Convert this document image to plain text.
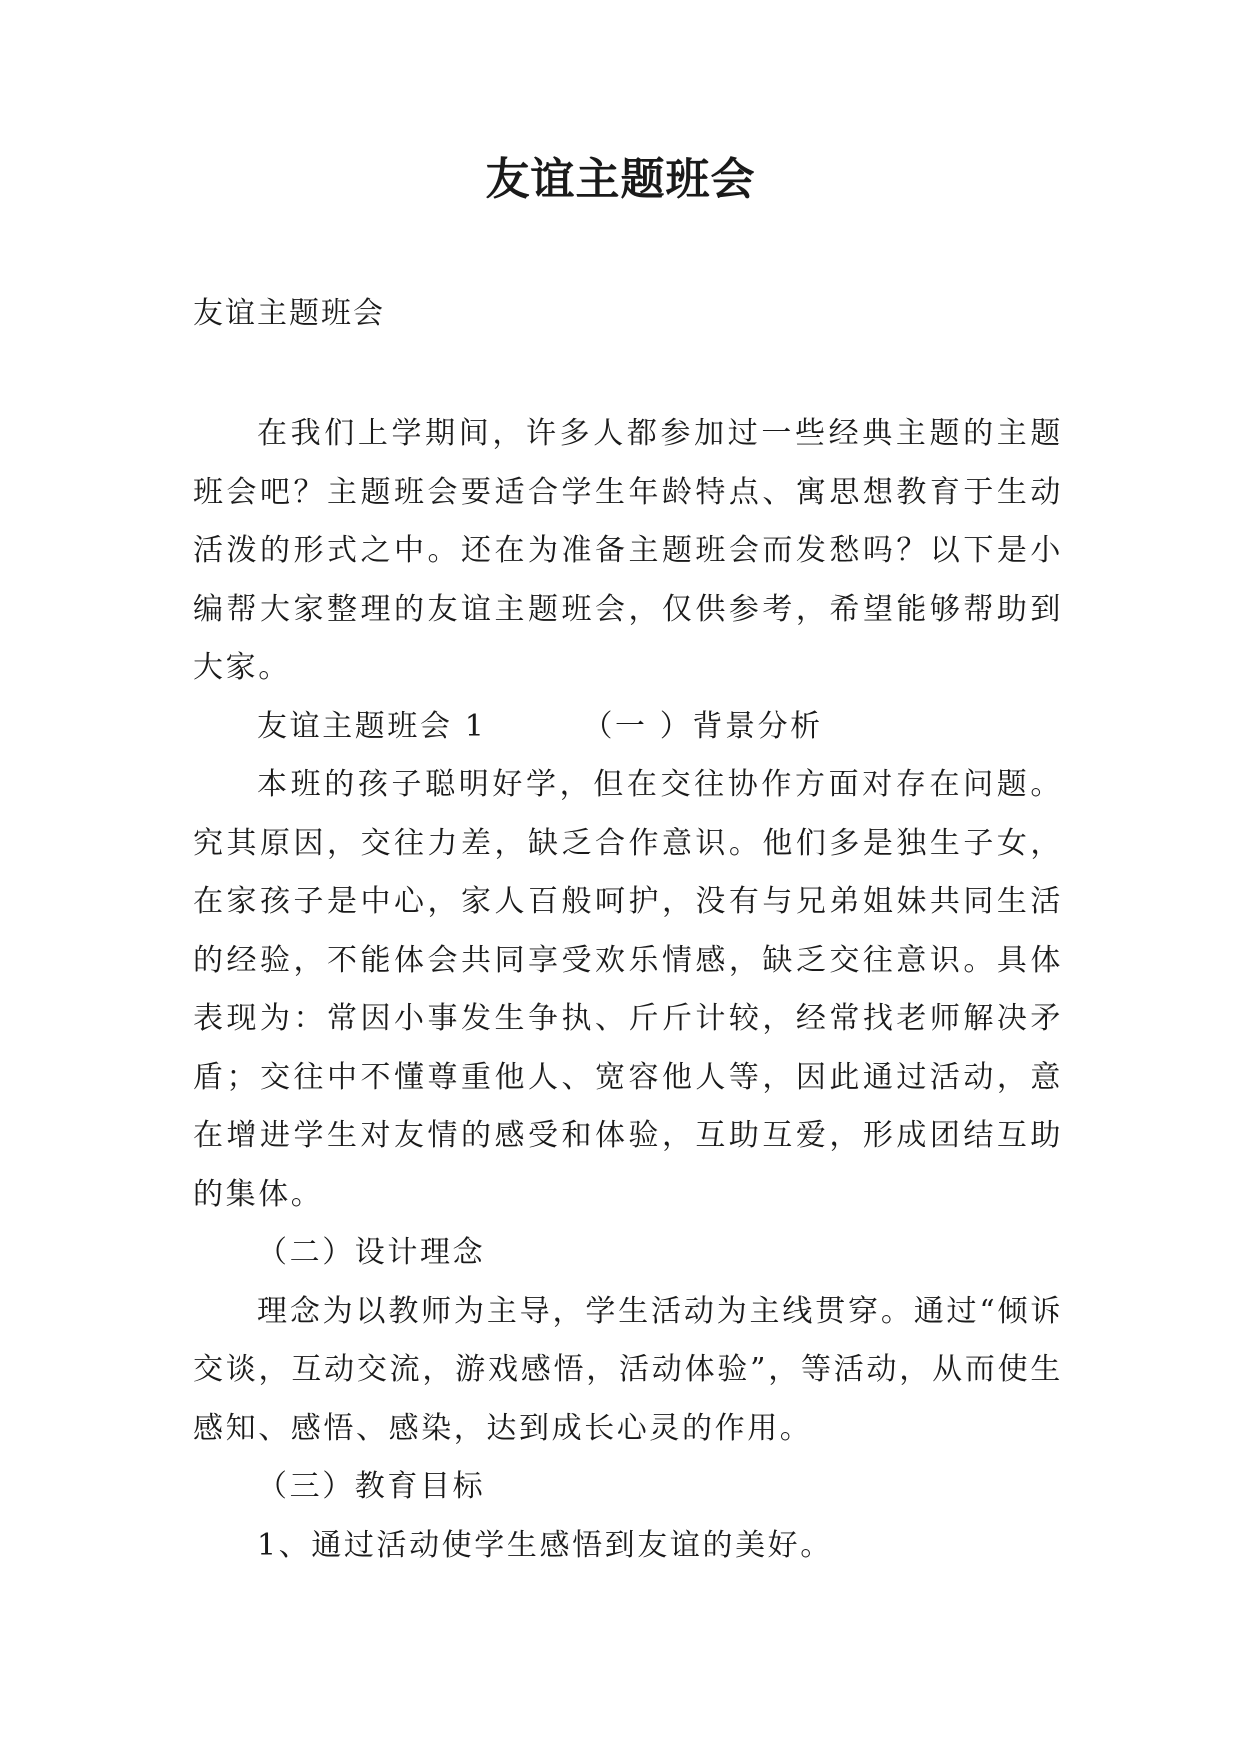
友谊主题班会
友谊主题班会

在我们上学期间，许多人都参加过一些经典主题的主题班会吧？主题班会要适合学生年龄特点、寓思想教育于生动活泼的形式之中。还在为准备主题班会而发愁吗？以下是小编帮大家整理的友谊主题班会，仅供参考，希望能够帮助到大家。

友谊主题班会 1	（一 ）背景分析

本班的孩子聪明好学，但在交往协作方面对存在问题。究其原因，交往力差，缺乏合作意识。他们多是独生子女，在家孩子是中心，家人百般呵护，没有与兄弟姐妹共同生活的经验，不能体会共同享受欢乐情感，缺乏交往意识。具体表现为：常因小事发生争执、斤斤计较，经常找老师解决矛盾；交往中不懂尊重他人、宽容他人等，因此通过活动，意在增进学生对友情的感受和体验，互助互爱，形成团结互助的集体。

（二）设计理念

理念为以教师为主导，学生活动为主线贯穿。通过“倾诉交谈，互动交流，游戏感悟，活动体验”，等活动，从而使生感知、感悟、感染，达到成长心灵的作用。

（三）教育目标

1、通过活动使学生感悟到友谊的美好。
